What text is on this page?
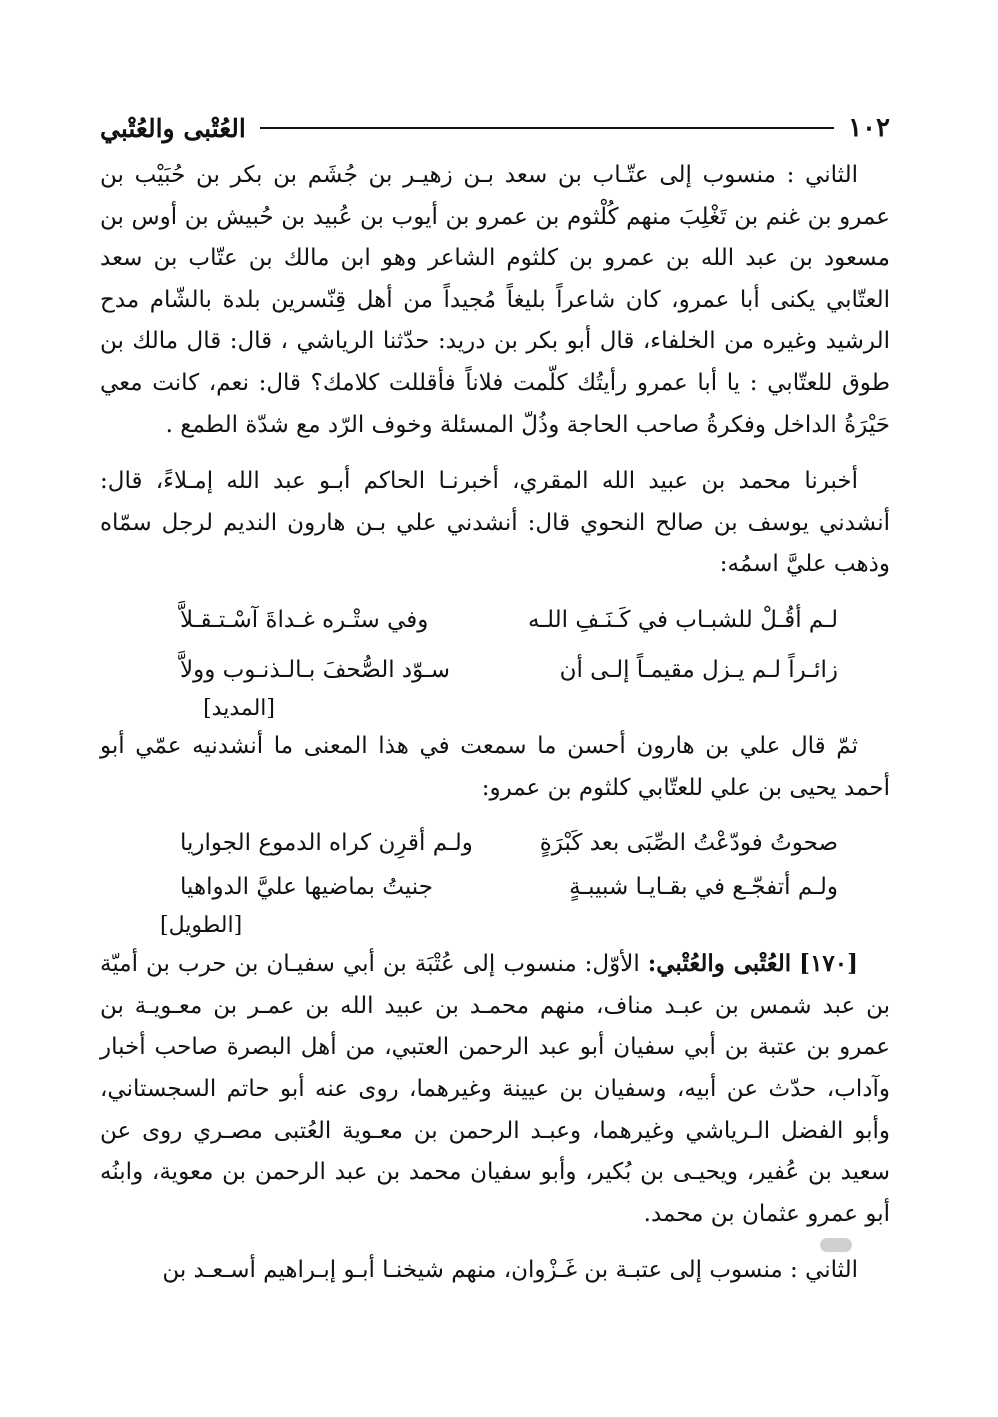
١٠٢
العُتْبى والعُتْبي

الثاني : منسوب إلى عتّـاب بن سعد بـن زهيـر بن جُشَم بن بكر بن حُبَيْب بن عمرو بن غنم بن تَغْلِبَ منهم كُلْثوم بن عمرو بن أيوب بن عُبيد بن حُبيش بن أوس بن مسعود بن عبد الله بن عمرو بن كلثوم الشاعر وهو ابن مالك بن عتّاب بن سعد العتّابي يكنى أبا عمرو، كان شاعراً بليغاً مُجيداً من أهل قِنّسرين بلدة بالشّام مدح الرشيد وغيره من الخلفاء، قال أبو بكر بن دريد: حدّثنا الرياشي ، قال: قال مالك بن طوق للعتّابي : يا أبا عمرو رأيتُك كلّمت فلاناً فأقللت كلامك؟ قال: نعم، كانت معي حَيْرَةُ الداخل وفكرةُ صاحب الحاجة وذُلّ المسئلة وخوف الرّد مع شدّة الطمع .

أخبرنا محمد بن عبيد الله المقري، أخبرنـا الحاكم أبـو عبد الله إمـلاءً، قال: أنشدني يوسف بن صالح النحوي قال: أنشدني علي بـن هارون النديم لرجل سمّاه وذهب عليَّ اسمُه:

لـم أقُـلْ للشبـاب في كَـنَـفِ اللـه
وفي ستْـره غـداةَ آسْـتـقـلاَّ
زائـراً لـم يـزل مقيمـاً إلـى أن
سـوّد الصُّحفَ بـالـذنـوب وولاَّ
[المديد]

ثمّ قال علي بن هارون أحسن ما سمعت في هذا المعنى ما أنشدنيه عمّي أبو أحمد يحيى بن علي للعتّابي كلثوم بن عمرو:

صحوتُ فودّعْتُ الصِّبَى بعد كَبْرَةٍ
ولـم أقرِن كراه الدموع الجواريا
ولـم أتفجّـع في بقـايـا شبيبـةٍ
جنيتُ بماضيها عليَّ الدواهيا
[الطويل]

[١٧٠] العُتْبى والعُتْبي: الأوّل: منسوب إلى عُتْبَة بن أبي سفيـان بن حرب بن أميّة بن عبد شمس بن عبـد مناف، منهم محمـد بن عبيد الله بن عمـر بن معـويـة بن عمرو بن عتبة بن أبي سفيان أبو عبد الرحمن العتبي، من أهل البصرة صاحب أخبار وآداب، حدّث عن أبيه، وسفيان بن عيينة وغيرهما، روى عنه أبو حاتم السجستاني، وأبو الفضل الـرياشي وغيرهما، وعبـد الرحمن بن معـوية العُتبى مصـري روى عن سعيد بن عُفير، ويحيـى بن بُكير، وأبو سفيان محمد بن عبد الرحمن بن معوية، وابنُه أبو عمرو عثمان بن محمد.

الثاني : منسوب إلى عتبـة بن غَـزْوان، منهم شيخنـا أبـو إبـراهيم أسـعـد بن
